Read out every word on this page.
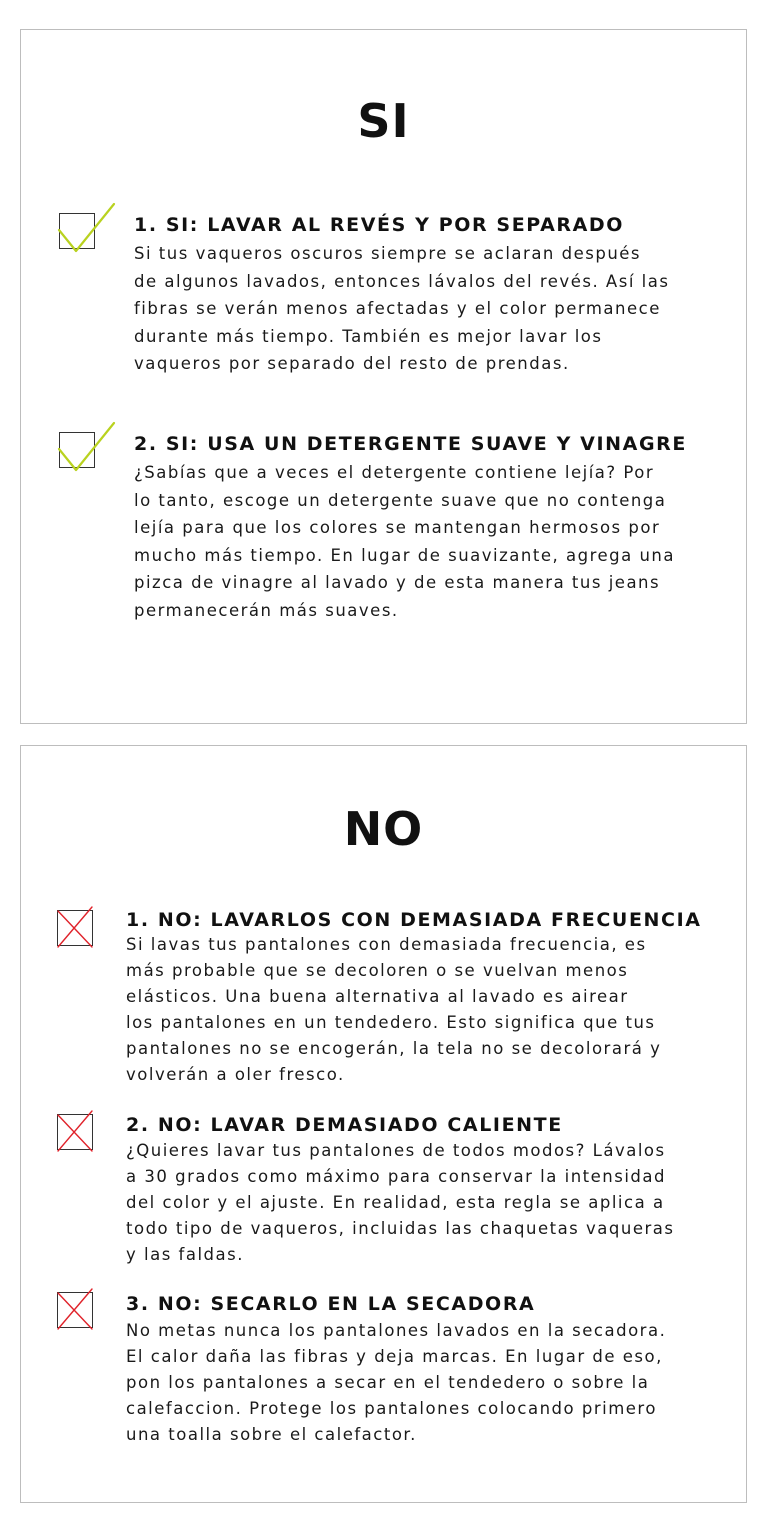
SI
1. SI: LAVAR AL REVÉS Y POR SEPARADO

Si tus vaqueros oscuros siempre se aclaran después
de algunos lavados, entonces lávalos del revés. Así las
fibras se verán menos afectadas y el color permanece
durante más tiempo. También es mejor lavar los
vaqueros por separado del resto de prendas.

2. SI: USA UN DETERGENTE SUAVE Y VINAGRE

¿Sabías que a veces el detergente contiene lejía? Por
lo tanto, escoge un detergente suave que no contenga
lejía para que los colores se mantengan hermosos por
mucho más tiempo. En lugar de suavizante, agrega una
pizca de vinagre al lavado y de esta manera tus jeans
permanecerán más suaves.

NO
1. NO: LAVARLOS CON DEMASIADA FRECUENCIA

Si lavas tus pantalones con demasiada frecuencia, es
más probable que se decoloren o se vuelvan menos
elásticos. Una buena alternativa al lavado es airear
los pantalones en un tendedero. Esto significa que tus
pantalones no se encogerán, la tela no se decolorará y
volverán a oler fresco.

2. NO: LAVAR DEMASIADO CALIENTE

¿Quieres lavar tus pantalones de todos modos? Lávalos
a 30 grados como máximo para conservar la intensidad
del color y el ajuste. En realidad, esta regla se aplica a
todo tipo de vaqueros, incluidas las chaquetas vaqueras
y las faldas.

3. NO: SECARLO EN LA SECADORA

No metas nunca los pantalones lavados en la secadora.
El calor daña las fibras y deja marcas. En lugar de eso,
pon los pantalones a secar en el tendedero o sobre la
calefaccion. Protege los pantalones colocando primero
una toalla sobre el calefactor.
